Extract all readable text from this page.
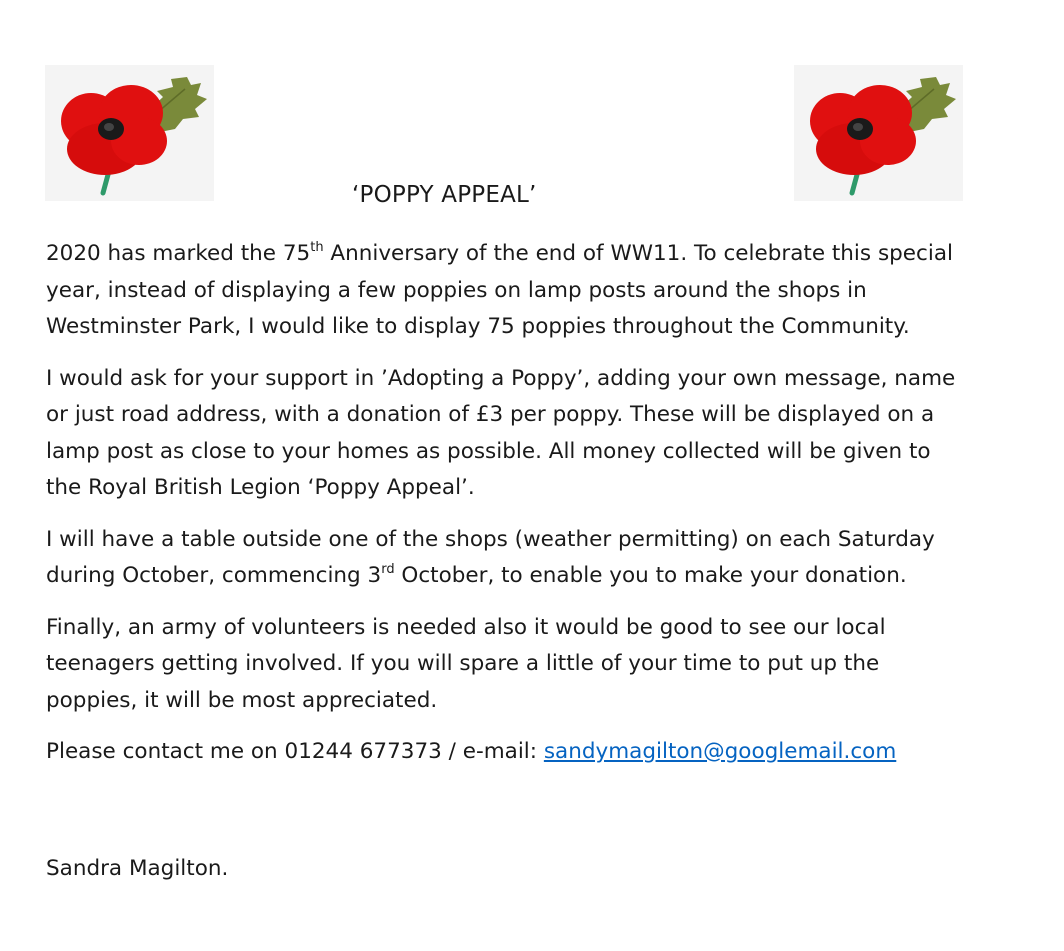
‘POPPY APPEAL’

2020 has marked the 75th Anniversary of the end of WW11. To celebrate this special
year, instead of displaying a few poppies on lamp posts around the shops in
Westminster Park, I would like to display 75 poppies throughout the Community.

I would ask for your support in ’Adopting a Poppy’, adding your own message, name
or just road address, with a donation of £3 per poppy. These will be displayed on a
lamp post as close to your homes as possible. All money collected will be given to
the Royal British Legion ‘Poppy Appeal’.

I will have a table outside one of the shops (weather permitting) on each Saturday
during October, commencing 3rd October, to enable you to make your donation.

Finally, an army of volunteers is needed also it would be good to see our local
teenagers getting involved. If you will spare a little of your time to put up the
poppies, it will be most appreciated.

Please contact me on 01244 677373 / e-mail: sandymagilton@googlemail.com

Sandra Magilton.
